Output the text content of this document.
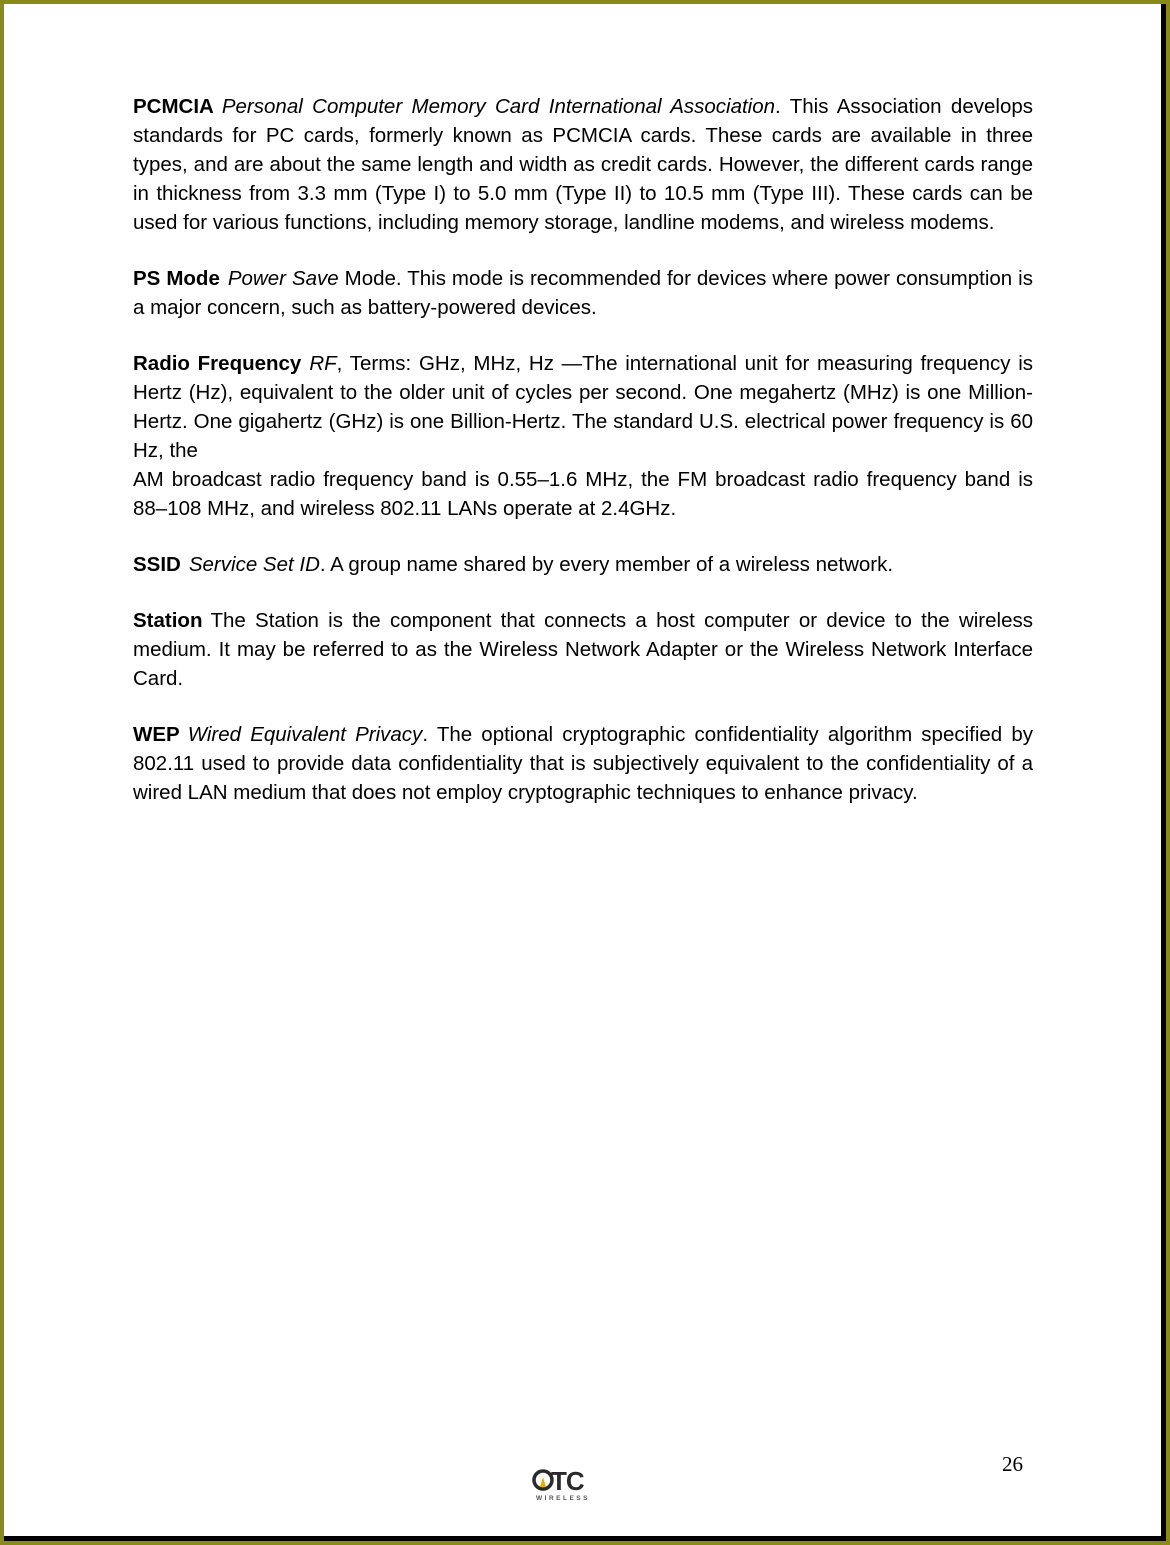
PCMCIA Personal Computer Memory Card International Association. This Association develops standards for PC cards, formerly known as PCMCIA cards. These cards are available in three types, and are about the same length and width as credit cards. However, the different cards range in thickness from 3.3 mm (Type I) to 5.0 mm (Type II) to 10.5 mm (Type III). These cards can be used for various functions, including memory storage, landline modems, and wireless modems.

PS Mode Power Save Mode. This mode is recommended for devices where power consumption is a major concern, such as battery-powered devices.

Radio Frequency RF, Terms: GHz, MHz, Hz —The international unit for measuring frequency is Hertz (Hz), equivalent to the older unit of cycles per second. One megahertz (MHz) is one Million-Hertz. One gigahertz (GHz) is one Billion-Hertz. The standard U.S. electrical power frequency is 60 Hz, the
AM broadcast radio frequency band is 0.55–1.6 MHz, the FM broadcast radio frequency band is 88–108 MHz, and wireless 802.11 LANs operate at 2.4GHz.

SSID Service Set ID. A group name shared by every member of a wireless network.

Station The Station is the component that connects a host computer or device to the wireless medium. It may be referred to as the Wireless Network Adapter or the Wireless Network Interface Card.

WEP Wired Equivalent Privacy. The optional cryptographic confidentiality algorithm specified by 802.11 used to provide data confidentiality that is subjectively equivalent to the confidentiality of a wired LAN medium that does not employ cryptographic techniques to enhance privacy.

26
TC
WIRELESS
